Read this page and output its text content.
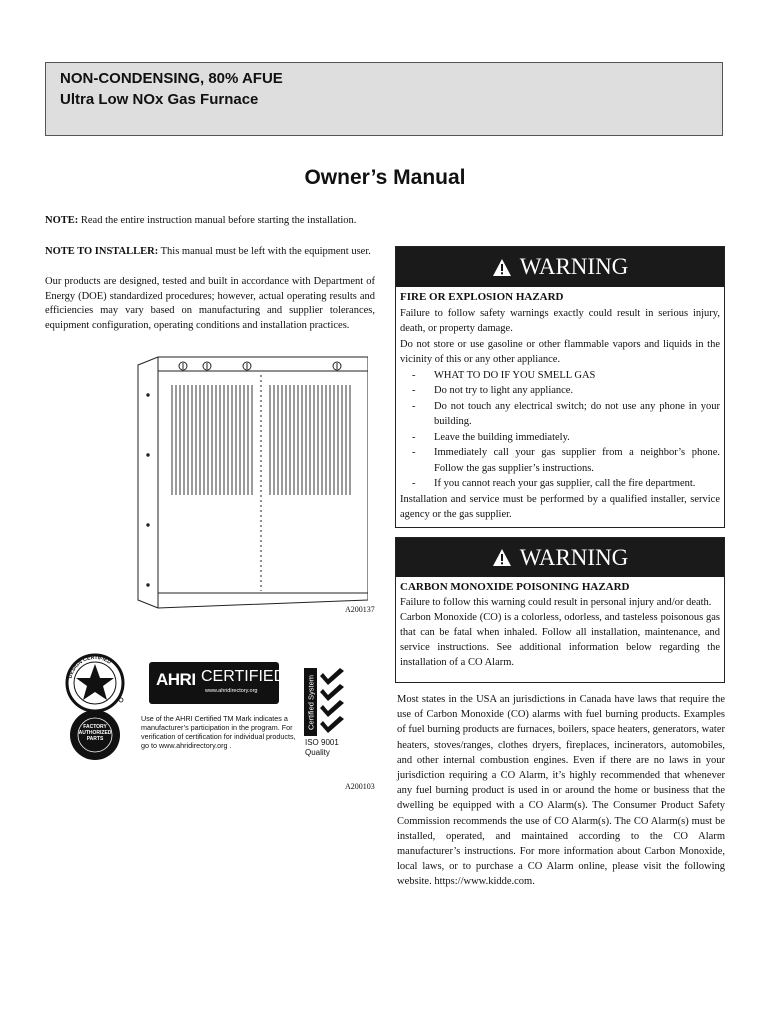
NON-CONDENSING, 80% AFUE
Ultra Low NOx Gas Furnace
Owner’s Manual
NOTE: Read the entire instruction manual before starting the installation.
NOTE TO INSTALLER: This manual must be left with the equipment user.
Our products are designed, tested and built in accordance with Department of Energy (DOE) standardized procedures; however, actual operating results and efficiencies may vary based on manufacturing and supplier tolerances, equipment configuration, operating conditions and installation practices.
A200137
DESIGN CERTIFIED
FACTORY AUTHORIZED PARTS
AHRI CERTIFIED
www.ahridirectory.org
Use of the AHRI Certified TM Mark indicates a manufacturer’s participation in the program. For verification of certification for individual products, go to www.ahridirectory.org .
Certified System
ISO 9001
Quality
A200103
WARNING
FIRE OR EXPLOSION HAZARD
Failure to follow safety warnings exactly could result in serious injury, death, or property damage.
Do not store or use gasoline or other flammable vapors and liquids in the vicinity of this or any other appliance.
-	WHAT TO DO IF YOU SMELL GAS
-	Do not try to light any appliance.
-	Do not touch any electrical switch; do not use any phone in your building.
-	Leave the building immediately.
-	Immediately call your gas supplier from a neighbor’s phone. Follow the gas supplier’s instructions.
-	If you cannot reach your gas supplier, call the fire department.
Installation and service must be performed by a qualified installer, service agency or the gas supplier.
WARNING
CARBON MONOXIDE POISONING HAZARD
Failure to follow this warning could result in personal injury and/or death.
Carbon Monoxide (CO) is a colorless, odorless, and tasteless poisonous gas that can be fatal when inhaled. Follow all installation, maintenance, and service instructions. See additional information below regarding the installation of a CO Alarm.
Most states in the USA an jurisdictions in Canada have laws that require the use of Carbon Monoxide (CO) alarms with fuel burning products. Examples of fuel burning products are furnaces, boilers, space heaters, generators, water heaters, stoves/ranges, clothes dryers, fireplaces, incinerators, automobiles, and other internal combustion engines. Even if there are no laws in your jurisdiction requiring a CO Alarm, it’s highly recommended that whenever any fuel burning product is used in or around the home or business that the dwelling be equipped with a CO Alarm(s). The Consumer Product Safety Commission recommends the use of CO Alarm(s). The CO Alarm(s) must be installed, operated, and maintained according to the CO Alarm manufacturer’s instructions. For more information about Carbon Monoxide, local laws, or to purchase a CO Alarm online, please visit the following website. https://www.kidde.com.
